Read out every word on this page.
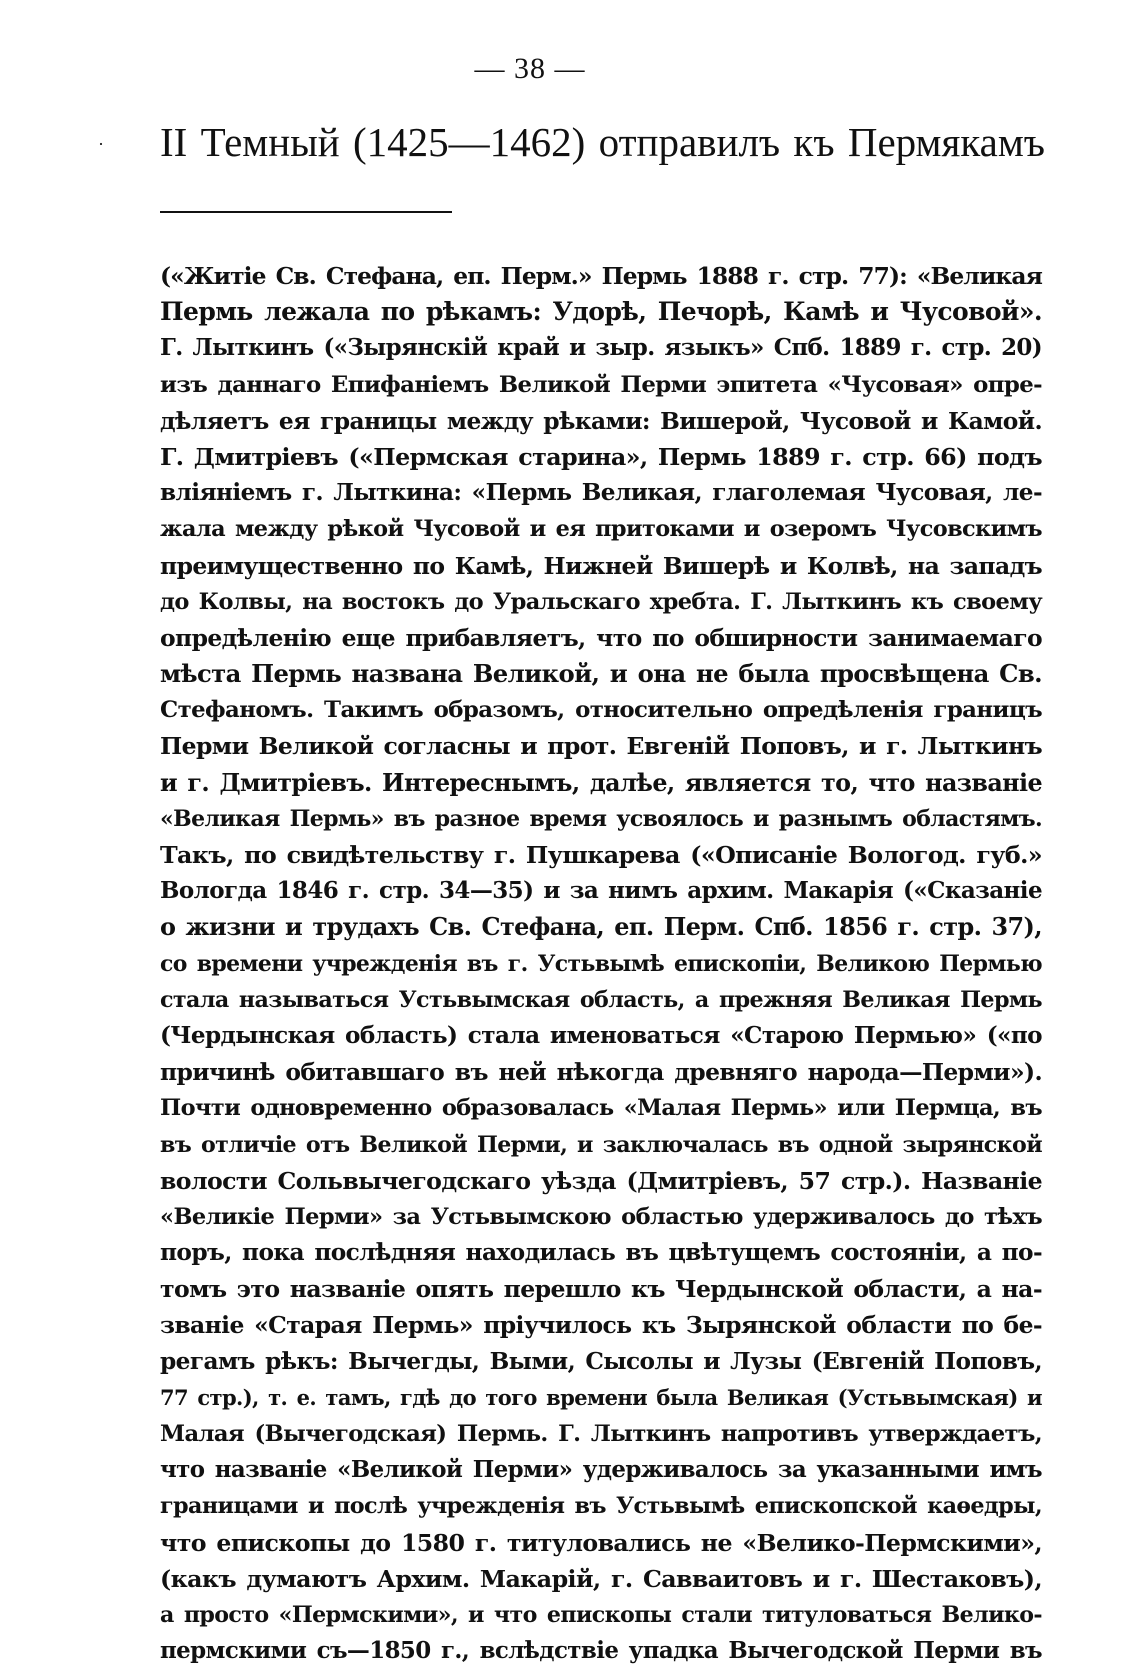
— 38 —
· II Темный (1425—1462) отправилъ къ Пермякамъ
(«Житіе Св. Стефана, еп. Перм.» Пермь 1888 г. стр. 77): «Великая
Пермь лежала по рѣкамъ: Удорѣ, Печорѣ, Камѣ и Чусовой».
Г. Лыткинъ («Зырянскій край и зыр. языкъ» Спб. 1889 г. стр. 20)
изъ даннаго Епифаніемъ Великой Перми эпитета «Чусовая» опре-
дѣляетъ ея границы между рѣками: Вишерой, Чусовой и Камой.
Г. Дмитріевъ («Пермская старина», Пермь 1889 г. стр. 66) подъ
вліяніемъ г. Лыткина: «Пермь Великая, глаголемая Чусовая, ле-
жала между рѣкой Чусовой и ея притоками и озеромъ Чусовскимъ
преимущественно по Камѣ, Нижней Вишерѣ и Колвѣ, на западъ
до Колвы, на востокъ до Уральскаго хребта. Г. Лыткинъ къ своему
опредѣленію еще прибавляетъ, что по обширности занимаемаго
мѣста Пермь названа Великой, и она не была просвѣщена Св.
Стефаномъ. Такимъ образомъ, относительно опредѣленія границъ
Перми Великой согласны и прот. Евгеній Поповъ, и г. Лыткинъ
и г. Дмитріевъ. Интереснымъ, далѣе, является то, что названіе
«Великая Пермь» въ разное время усвоялось и разнымъ областямъ.
Такъ, по свидѣтельству г. Пушкарева («Описаніе Вологод. губ.»
Вологда 1846 г. стр. 34—35) и за нимъ архим. Макарія («Сказаніе
о жизни и трудахъ Св. Стефана, еп. Перм. Спб. 1856 г. стр. 37),
со времени учрежденія въ г. Устьвымѣ епископіи, Великою Пермью
стала называться Устьвымская область, а прежняя Великая Пермь
(Чердынская область) стала именоваться «Старою Пермью» («по
причинѣ обитавшаго въ ней нѣкогда древняго народа—Перми»).
Почти одновременно образовалась «Малая Пермь» или Пермца, въ
въ отличіе отъ Великой Перми, и заключалась въ одной зырянской
волости Сольвычегодскаго уѣзда (Дмитріевъ, 57 стр.). Названіе
«Великіе Перми» за Устьвымскою областью удерживалось до тѣхъ
поръ, пока послѣдняя находилась въ цвѣтущемъ состояніи, а по-
томъ это названіе опять перешло къ Чердынской области, а на-
званіе «Старая Пермь» пріучилось къ Зырянской области по бе-
регамъ рѣкъ: Вычегды, Выми, Сысолы и Лузы (Евгеній Поповъ,
77 стр.), т. е. тамъ, гдѣ до того времени была Великая (Устьвымская) и
Малая (Вычегодская) Пермь. Г. Лыткинъ напротивъ утверждаетъ,
что названіе «Великой Перми» удерживалось за указанными имъ
границами и послѣ учрежденія въ Устьвымѣ епископской каѳедры,
что епископы до 1580 г. титуловались не «Велико-Пермскими»,
(какъ думаютъ Архим. Макарій, г. Савваитовъ и г. Шестаковъ),
а просто «Пермскими», и что епископы стали титуловаться Велико-
пермскими съ—1850 г., вслѣдствіе упадка Вычегодской Перми въ
